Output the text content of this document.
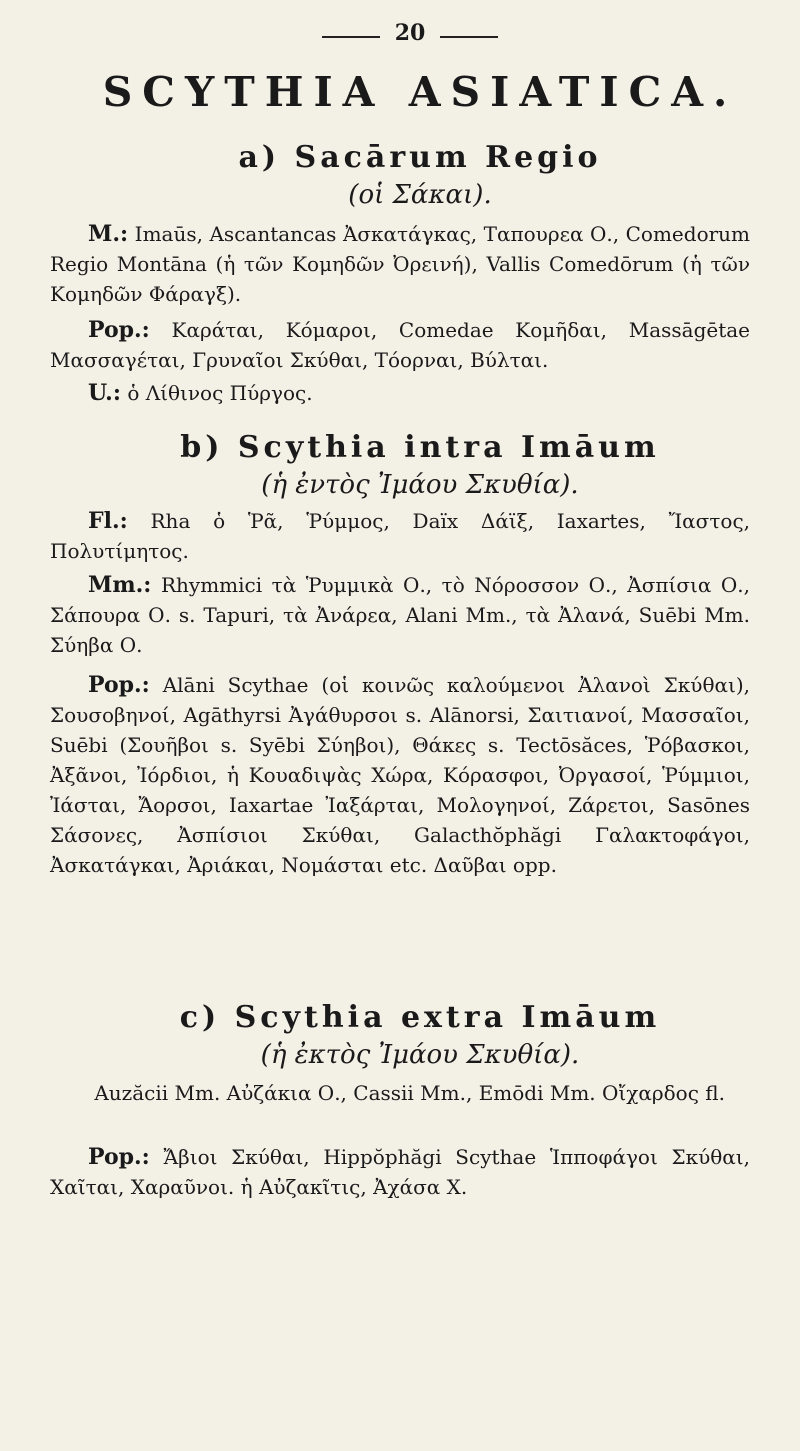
20
SCYTHIA ASIATICA.
a) Sacārum Regio
(οἱ Σάκαι).
M.: Imaūs, Ascantancas Ἀσκατάγκας, Ταπουρεα Ο., Comedorum Regio Montāna (ἡ τῶν Κομηδῶν Ὀρεινή), Vallis Comedōrum (ἡ τῶν Κομηδῶν Φάραγξ).
Pop.: Καράται, Κόμαροι, Comedae Κομῆδαι, Massāgētae Μασσαγέται, Γρυναῖοι Σκύθαι, Τόορναι, Βύλται.
U.: ὁ Λίθινος Πύργος.
b) Scythia intra Imāum
(ἡ ἐντὸς Ἰμάου Σκυθία).
Fl.: Rha ὁ Ῥᾶ, Ῥύμμος, Daïx Δάϊξ, Iaxartes, Ἴαστος, Πολυτίμητος.
Mm.: Rhymmici τὰ Ῥυμμικὰ Ο., τὸ Νόροσσον Ο., Ἀσπίσια Ο., Σάπουρα Ο. s. Tapuri, τὰ Ἀνάρεα, Alani Mm., τὰ Ἀλανά, Suēbi Mm. Σύηβα Ο.
Pop.: Alāni Scythae (οἱ κοινῶς καλούμενοι Ἀλανοὶ Σκύθαι), Σουσοβηνοί, Agāthyrsi Ἀγάθυρσοι s. Alānorsi, Σαιτιανοί, Μασσαῖοι, Suēbi (Σουῆβοι s. Syēbi Σύηβοι), Θάκες s. Tectōsăces, Ῥόβασκοι, Ἀξᾶνοι, Ἰόρδιοι, ἡ Κουαδιψὰς Χώρα, Κόρασφοι, Ὀργασοί, Ῥύμμιοι, Ἰάσται, Ἄορσοι, Iaxartae Ἰαξάρται, Μολογηνοί, Ζάρετοι, Sasōnes Σάσονες, Ἀσπίσιοι Σκύθαι, Galacthŏphăgi Γαλακτοφάγοι, Ἀσκατάγκαι, Ἀριάκαι, Νομάσται etc. Δαῦβαι opp.
c) Scythia extra Imāum
(ἡ ἐκτὸς Ἰμάου Σκυθία).
Auzăcii Mm. Αὐζάκια Ο., Cassii Mm., Emōdi Mm. Οἴχαρδος fl.
Pop.: Ἄβιοι Σκύθαι, Hippŏphăgi Scythae Ἱπποφάγοι Σκύθαι, Χαῖται, Χαραῦνοι. ἡ Αὐζακῖτις, Ἀχάσα Χ.
